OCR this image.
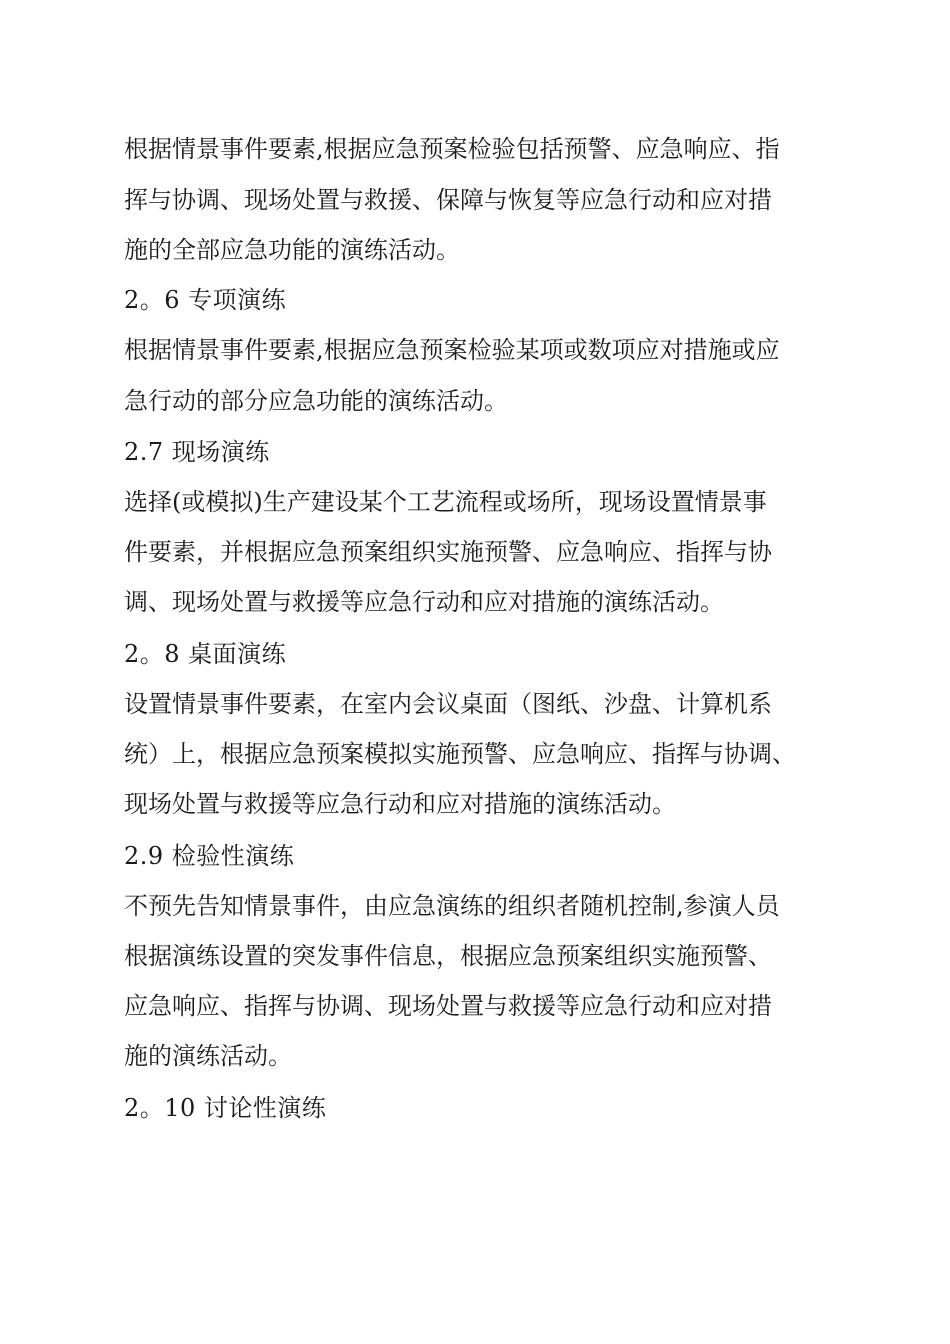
根据情景事件要素,根据应急预案检验包括预警、应急响应、指
挥与协调、现场处置与救援、保障与恢复等应急行动和应对措
施的全部应急功能的演练活动。
2。6 专项演练
根据情景事件要素,根据应急预案检验某项或数项应对措施或应
急行动的部分应急功能的演练活动。
2.7 现场演练
选择(或模拟)生产建设某个工艺流程或场所，现场设置情景事
件要素，并根据应急预案组织实施预警、应急响应、指挥与协
调、现场处置与救援等应急行动和应对措施的演练活动。
2。8 桌面演练
设置情景事件要素，在室内会议桌面（图纸、沙盘、计算机系
统）上，根据应急预案模拟实施预警、应急响应、指挥与协调、
现场处置与救援等应急行动和应对措施的演练活动。
2.9 检验性演练
不预先告知情景事件，由应急演练的组织者随机控制,参演人员
根据演练设置的突发事件信息，根据应急预案组织实施预警、
应急响应、指挥与协调、现场处置与救援等应急行动和应对措
施的演练活动。
2。10 讨论性演练
